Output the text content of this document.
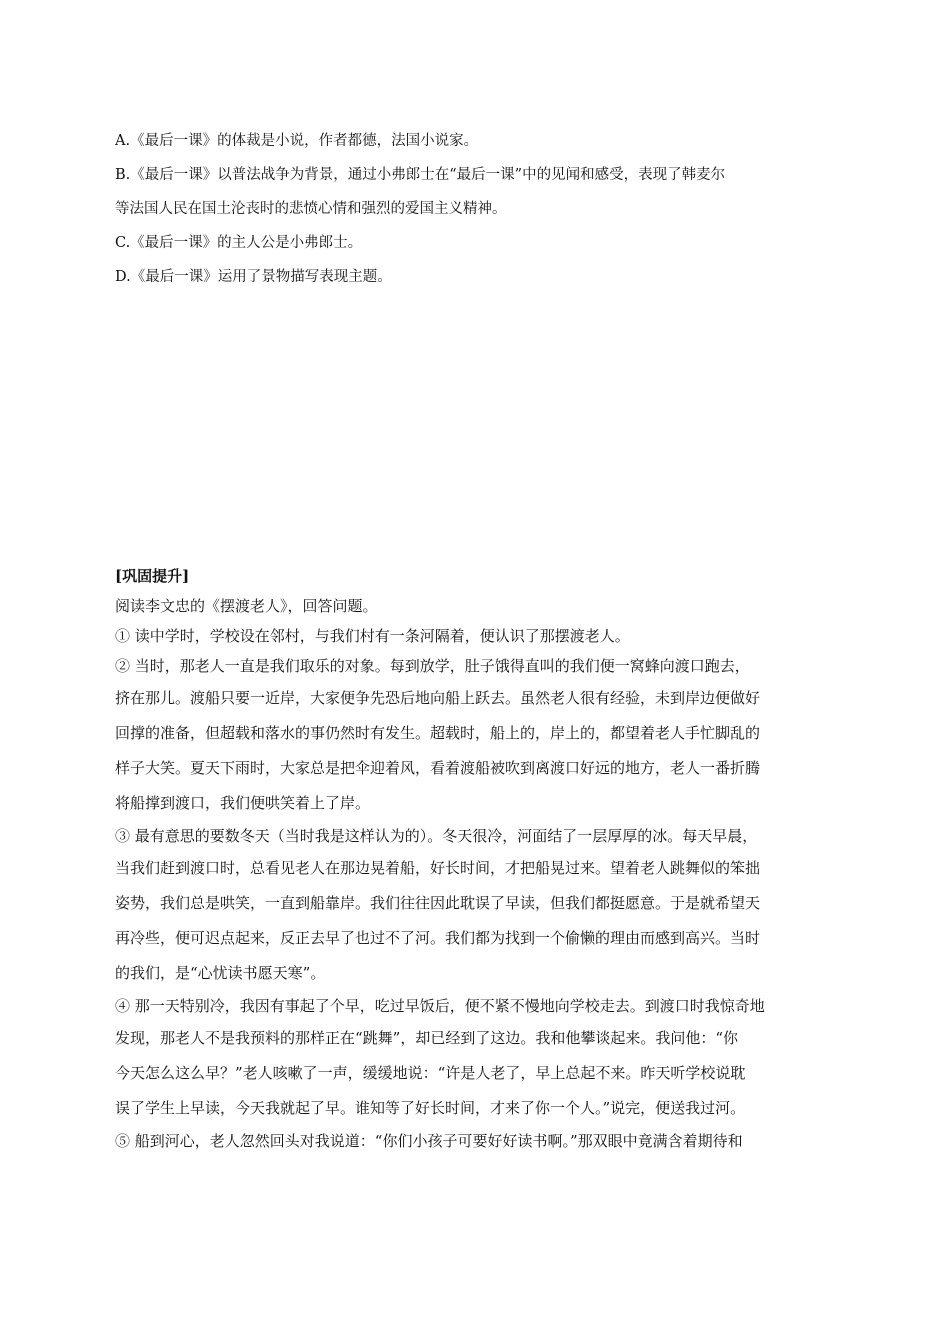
A.《最后一课》的体裁是小说，作者都德，法国小说家。

B.《最后一课》以普法战争为背景，通过小弗郎士在“最后一课”中的见闻和感受，表现了韩麦尔
等法国人民在国土沦丧时的悲愤心情和强烈的爱国主义精神。

C.《最后一课》的主人公是小弗郎士。

D.《最后一课》运用了景物描写表现主题。

[巩固提升]

阅读李文忠的《摆渡老人》，回答问题。

① 读中学时，学校设在邻村，与我们村有一条河隔着，便认识了那摆渡老人。

② 当时，那老人一直是我们取乐的对象。每到放学，肚子饿得直叫的我们便一窝蜂向渡口跑去，
挤在那儿。渡船只要一近岸，大家便争先恐后地向船上跃去。虽然老人很有经验，未到岸边便做好
回撑的准备，但超载和落水的事仍然时有发生。超载时，船上的，岸上的，都望着老人手忙脚乱的
样子大笑。夏天下雨时，大家总是把伞迎着风，看着渡船被吹到离渡口好远的地方，老人一番折腾
将船撑到渡口，我们便哄笑着上了岸。

③ 最有意思的要数冬天（当时我是这样认为的）。冬天很冷，河面结了一层厚厚的冰。每天早晨，
当我们赶到渡口时，总看见老人在那边晃着船，好长时间，才把船晃过来。望着老人跳舞似的笨拙
姿势，我们总是哄笑，一直到船靠岸。我们往往因此耽误了早读，但我们都挺愿意。于是就希望天
再冷些，便可迟点起来，反正去早了也过不了河。我们都为找到一个偷懒的理由而感到高兴。当时
的我们，是“心忧读书愿天寒”。

④ 那一天特别冷，我因有事起了个早，吃过早饭后，便不紧不慢地向学校走去。到渡口时我惊奇地
发现，那老人不是我预料的那样正在“跳舞”，却已经到了这边。我和他攀谈起来。我问他：“你
今天怎么这么早？”老人咳嗽了一声，缓缓地说：“许是人老了，早上总起不来。昨天听学校说耽
误了学生上早读，今天我就起了早。谁知等了好长时间，才来了你一个人。”说完，便送我过河。

⑤ 船到河心，老人忽然回头对我说道：“你们小孩子可要好好读书啊。”那双眼中竟满含着期待和
